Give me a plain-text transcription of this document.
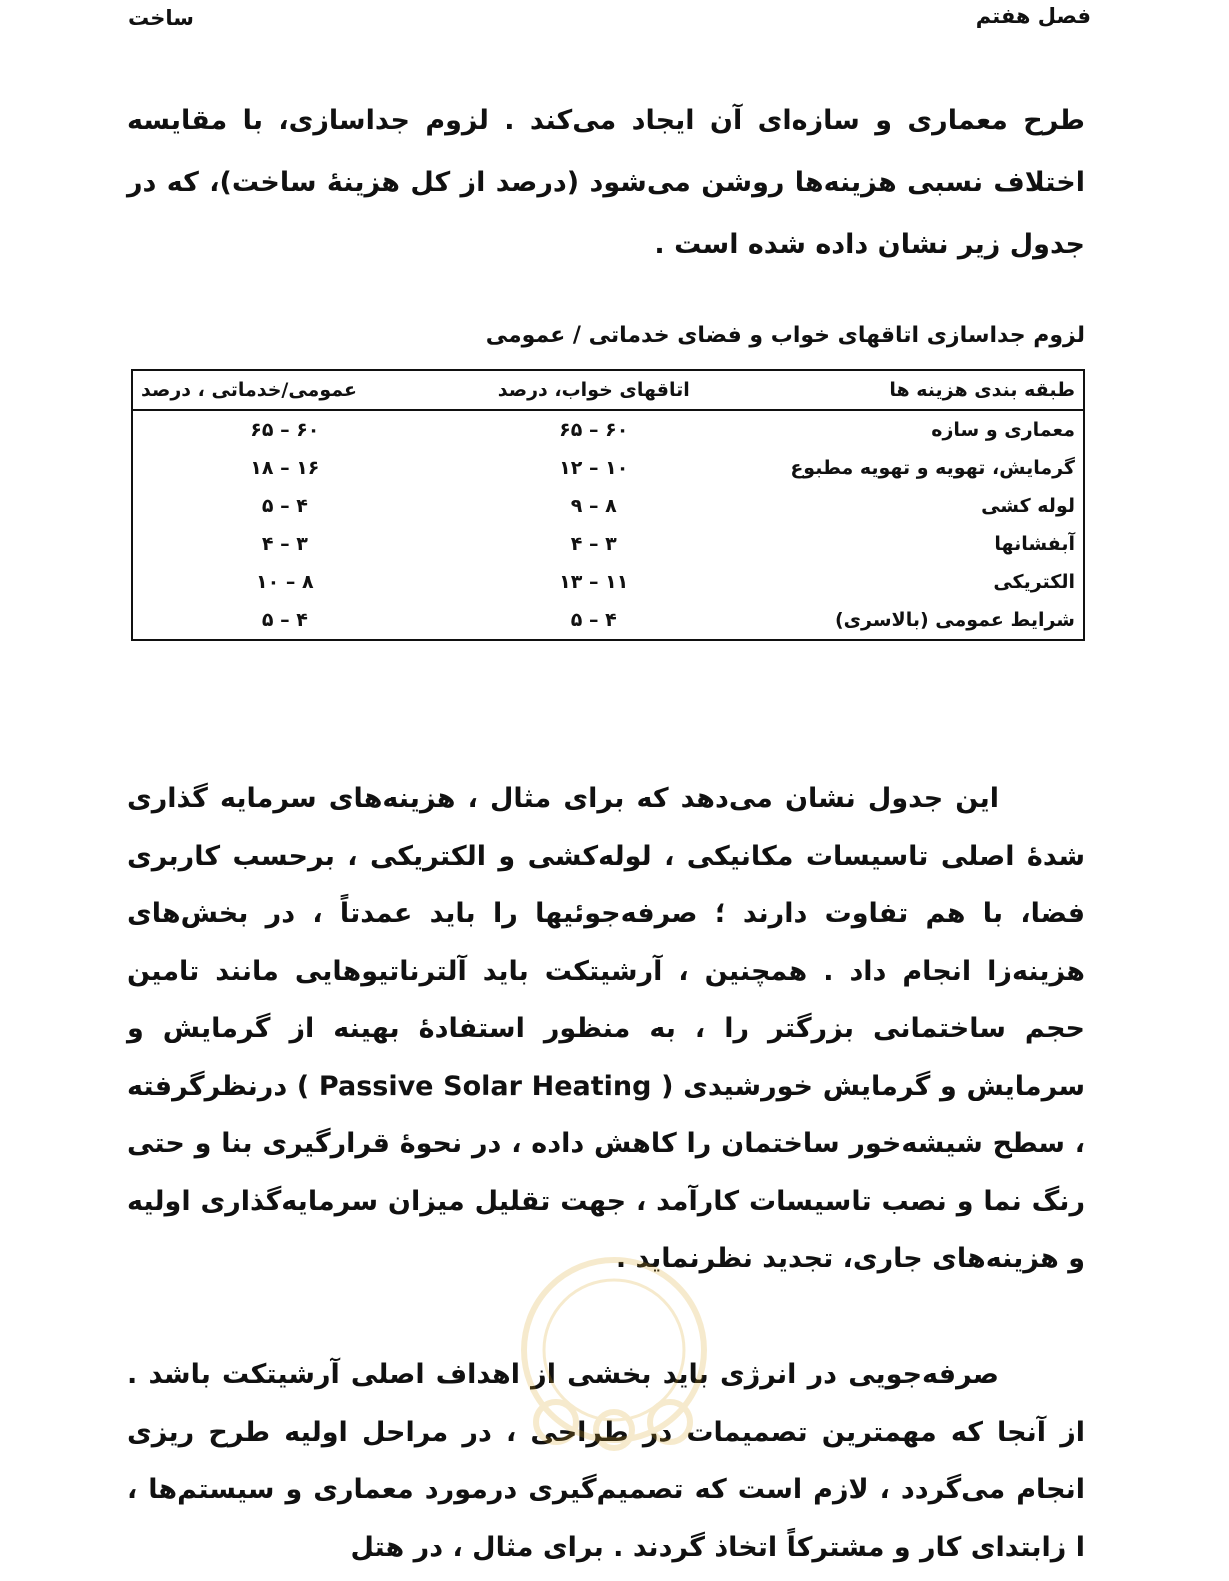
فصل هفتم
ساخت

طرح معماری و سازه‌ای آن ایجاد می‌کند . لزوم جداسازی، با مقایسه اختلاف نسبی هزینه‌ها روشن می‌شود (درصد از کل هزینهٔ ساخت)، که در جدول زیر نشان داده شده است .

لزوم جداسازی اتاقهای خواب و فضای خدماتی / عمومی

طبقه بندی هزینه ها	اتاقهای خواب، درصد	عمومی/خدماتی ، درصد
معماری و سازه	۶۰ – ۶۵	۶۰ – ۶۵
گرمایش، تهویه و تهویه مطبوع	۱۰ – ۱۲	۱۶ – ۱۸
لوله کشی	۸ – ۹	۴ – ۵
آبفشانها	۳ – ۴	۳ – ۴
الکتریکی	۱۱ – ۱۳	۸ – ۱۰
شرایط عمومی (بالاسری)	۴ – ۵	۴ – ۵

این جدول نشان می‌دهد که برای مثال ، هزینه‌های سرمایه گذاری شدهٔ اصلی تاسیسات مکانیکی ، لوله‌کشی و الکتریکی ، برحسب کاربری فضا، با هم تفاوت دارند ؛ صرفه‌جوئیها را باید عمدتاً ، در بخش‌های هزینه‌زا انجام داد . همچنین ، آرشیتکت باید آلترناتیوهایی مانند تامین حجم ساختمانی بزرگتر را ، به منظور استفادهٔ بهینه از گرمایش و سرمایش و گرمایش خورشیدی ( Passive Solar Heating ) درنظرگرفته ، سطح شیشه‌خور ساختمان را کاهش داده ، در نحوهٔ قرارگیری بنا و حتی رنگ نما و نصب تاسیسات کارآمد ، جهت تقلیل میزان سرمایه‌گذاری اولیه و هزینه‌های جاری، تجدید نظرنماید .

صرفه‌جویی در انرژی باید بخشی از اهداف اصلی آرشیتکت باشد . از آنجا که مهمترین تصمیمات در طراحی ، در مراحل اولیه طرح ریزی انجام می‌گردد ، لازم است که تصمیم‌گیری درمورد معماری و سیستم‌ها ، ا زابتدای کار و مشترکاً اتخاذ گردند . برای مثال ، در هتل
